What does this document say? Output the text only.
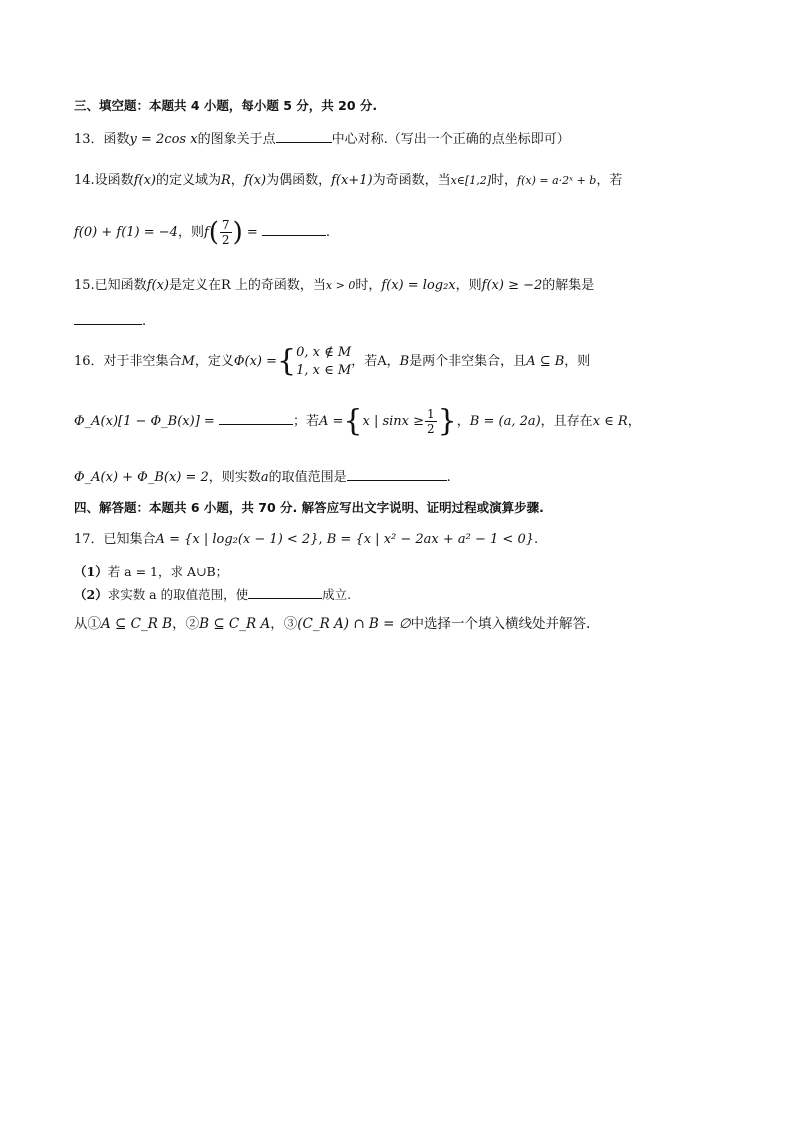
三、填空题：本题共 4 小题，每小题 5 分，共 20 分.
13．函数y = 2cos x的图象关于点	中心对称.（写出一个正确的点坐标即可）
14.设函数f(x)的定义域为R，f(x)为偶函数，f(x+1)为奇函数，当x∈[1,2]时，f(x) = a·2ˣ + b，若
f(0) + f(1) = −4，则$f( \frac{7}{2}$ ) =	.
15.已知函数f(x)是定义在R 上的奇函数，当x > 0时，f(x) = log₂x，则f(x) ≥ −2的解集是
.
16．对于非空集合M，定义Φ(x) ={ 0, x ∉ M
1, x ∈ M
，若A，B是两个非空集合，且A ⊆ B，则
Φ_A(x)[1 − Φ_B(x)] =	；若A ={x | $\sin x \ge \frac{1}{2}$ }，B = (a, 2a)，且存在x ∈ R，
Φ_A(x) + Φ_B(x) = 2，则实数a的取值范围是	.
四、解答题：本题共 6 小题，共 70 分. 解答应写出文字说明、证明过程或演算步骤.
17．已知集合A = {x | log₂(x − 1) < 2}, B = {x | x² − 2ax + a² − 1 < 0}.
（1）若 a = 1，求 A∪B；
（2）求实数 a 的取值范围，使	成立.
从①A ⊆ C_R B，②B ⊆ C_R A，③(C_R A) ∩ B = ∅中选择一个填入横线处并解答.
